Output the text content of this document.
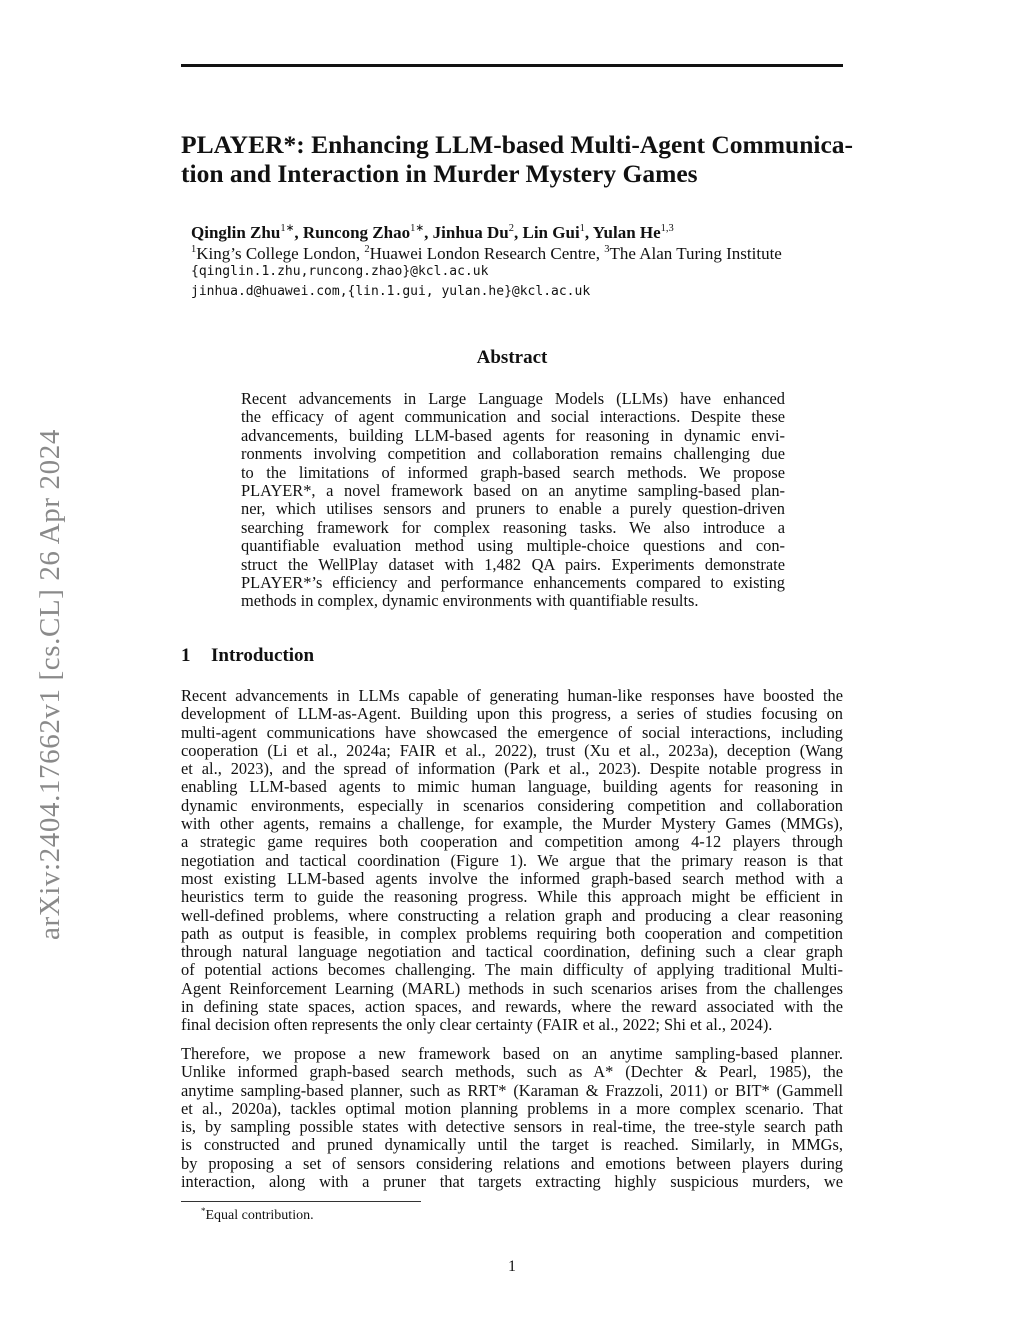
arXiv:2404.17662v1 [cs.CL] 26 Apr 2024
PLAYER*: Enhancing LLM-based Multi-Agent Communica-
tion and Interaction in Murder Mystery Games
Qinglin Zhu$^{1∗}$, Runcong Zhao$^{1∗}$, Jinhua Du$^2$, Lin Gui$^1$, Yulan He$^{1,3}$
$^1$King’s College London, $^2$Huawei London Research Centre, $^3$The Alan Turing Institute
{qinglin.1.zhu,runcong.zhao}@kcl.ac.uk
jinhua.d@huawei.com,{lin.1.gui, yulan.he}@kcl.ac.uk
Abstract
Recent advancements in Large Language Models (LLMs) have enhanced
the efficacy of agent communication and social interactions. Despite these
advancements, building LLM-based agents for reasoning in dynamic envi-
ronments involving competition and collaboration remains challenging due
to the limitations of informed graph-based search methods. We propose
PLAYER*, a novel framework based on an anytime sampling-based plan-
ner, which utilises sensors and pruners to enable a purely question-driven
searching framework for complex reasoning tasks. We also introduce a
quantifiable evaluation method using multiple-choice questions and con-
struct the WellPlay dataset with 1,482 QA pairs. Experiments demonstrate
PLAYER*’s efficiency and performance enhancements compared to existing
methods in complex, dynamic environments with quantifiable results.
1 Introduction
Recent advancements in LLMs capable of generating human-like responses have boosted the
development of LLM-as-Agent. Building upon this progress, a series of studies focusing on
multi-agent communications have showcased the emergence of social interactions, including
cooperation (Li et al., 2024a; FAIR et al., 2022), trust (Xu et al., 2023a), deception (Wang
et al., 2023), and the spread of information (Park et al., 2023). Despite notable progress in
enabling LLM-based agents to mimic human language, building agents for reasoning in
dynamic environments, especially in scenarios considering competition and collaboration
with other agents, remains a challenge, for example, the Murder Mystery Games (MMGs),
a strategic game requires both cooperation and competition among 4-12 players through
negotiation and tactical coordination (Figure 1). We argue that the primary reason is that
most existing LLM-based agents involve the informed graph-based search method with a
heuristics term to guide the reasoning progress. While this approach might be efficient in
well-defined problems, where constructing a relation graph and producing a clear reasoning
path as output is feasible, in complex problems requiring both cooperation and competition
through natural language negotiation and tactical coordination, defining such a clear graph
of potential actions becomes challenging. The main difficulty of applying traditional Multi-
Agent Reinforcement Learning (MARL) methods in such scenarios arises from the challenges
in defining state spaces, action spaces, and rewards, where the reward associated with the
final decision often represents the only clear certainty (FAIR et al., 2022; Shi et al., 2024).
Therefore, we propose a new framework based on an anytime sampling-based planner.
Unlike informed graph-based search methods, such as A* (Dechter & Pearl, 1985), the
anytime sampling-based planner, such as RRT* (Karaman & Frazzoli, 2011) or BIT* (Gammell
et al., 2020a), tackles optimal motion planning problems in a more complex scenario. That
is, by sampling possible states with detective sensors in real-time, the tree-style search path
is constructed and pruned dynamically until the target is reached. Similarly, in MMGs,
by proposing a set of sensors considering relations and emotions between players during
interaction, along with a pruner that targets extracting highly suspicious murders, we
*Equal contribution.
1
